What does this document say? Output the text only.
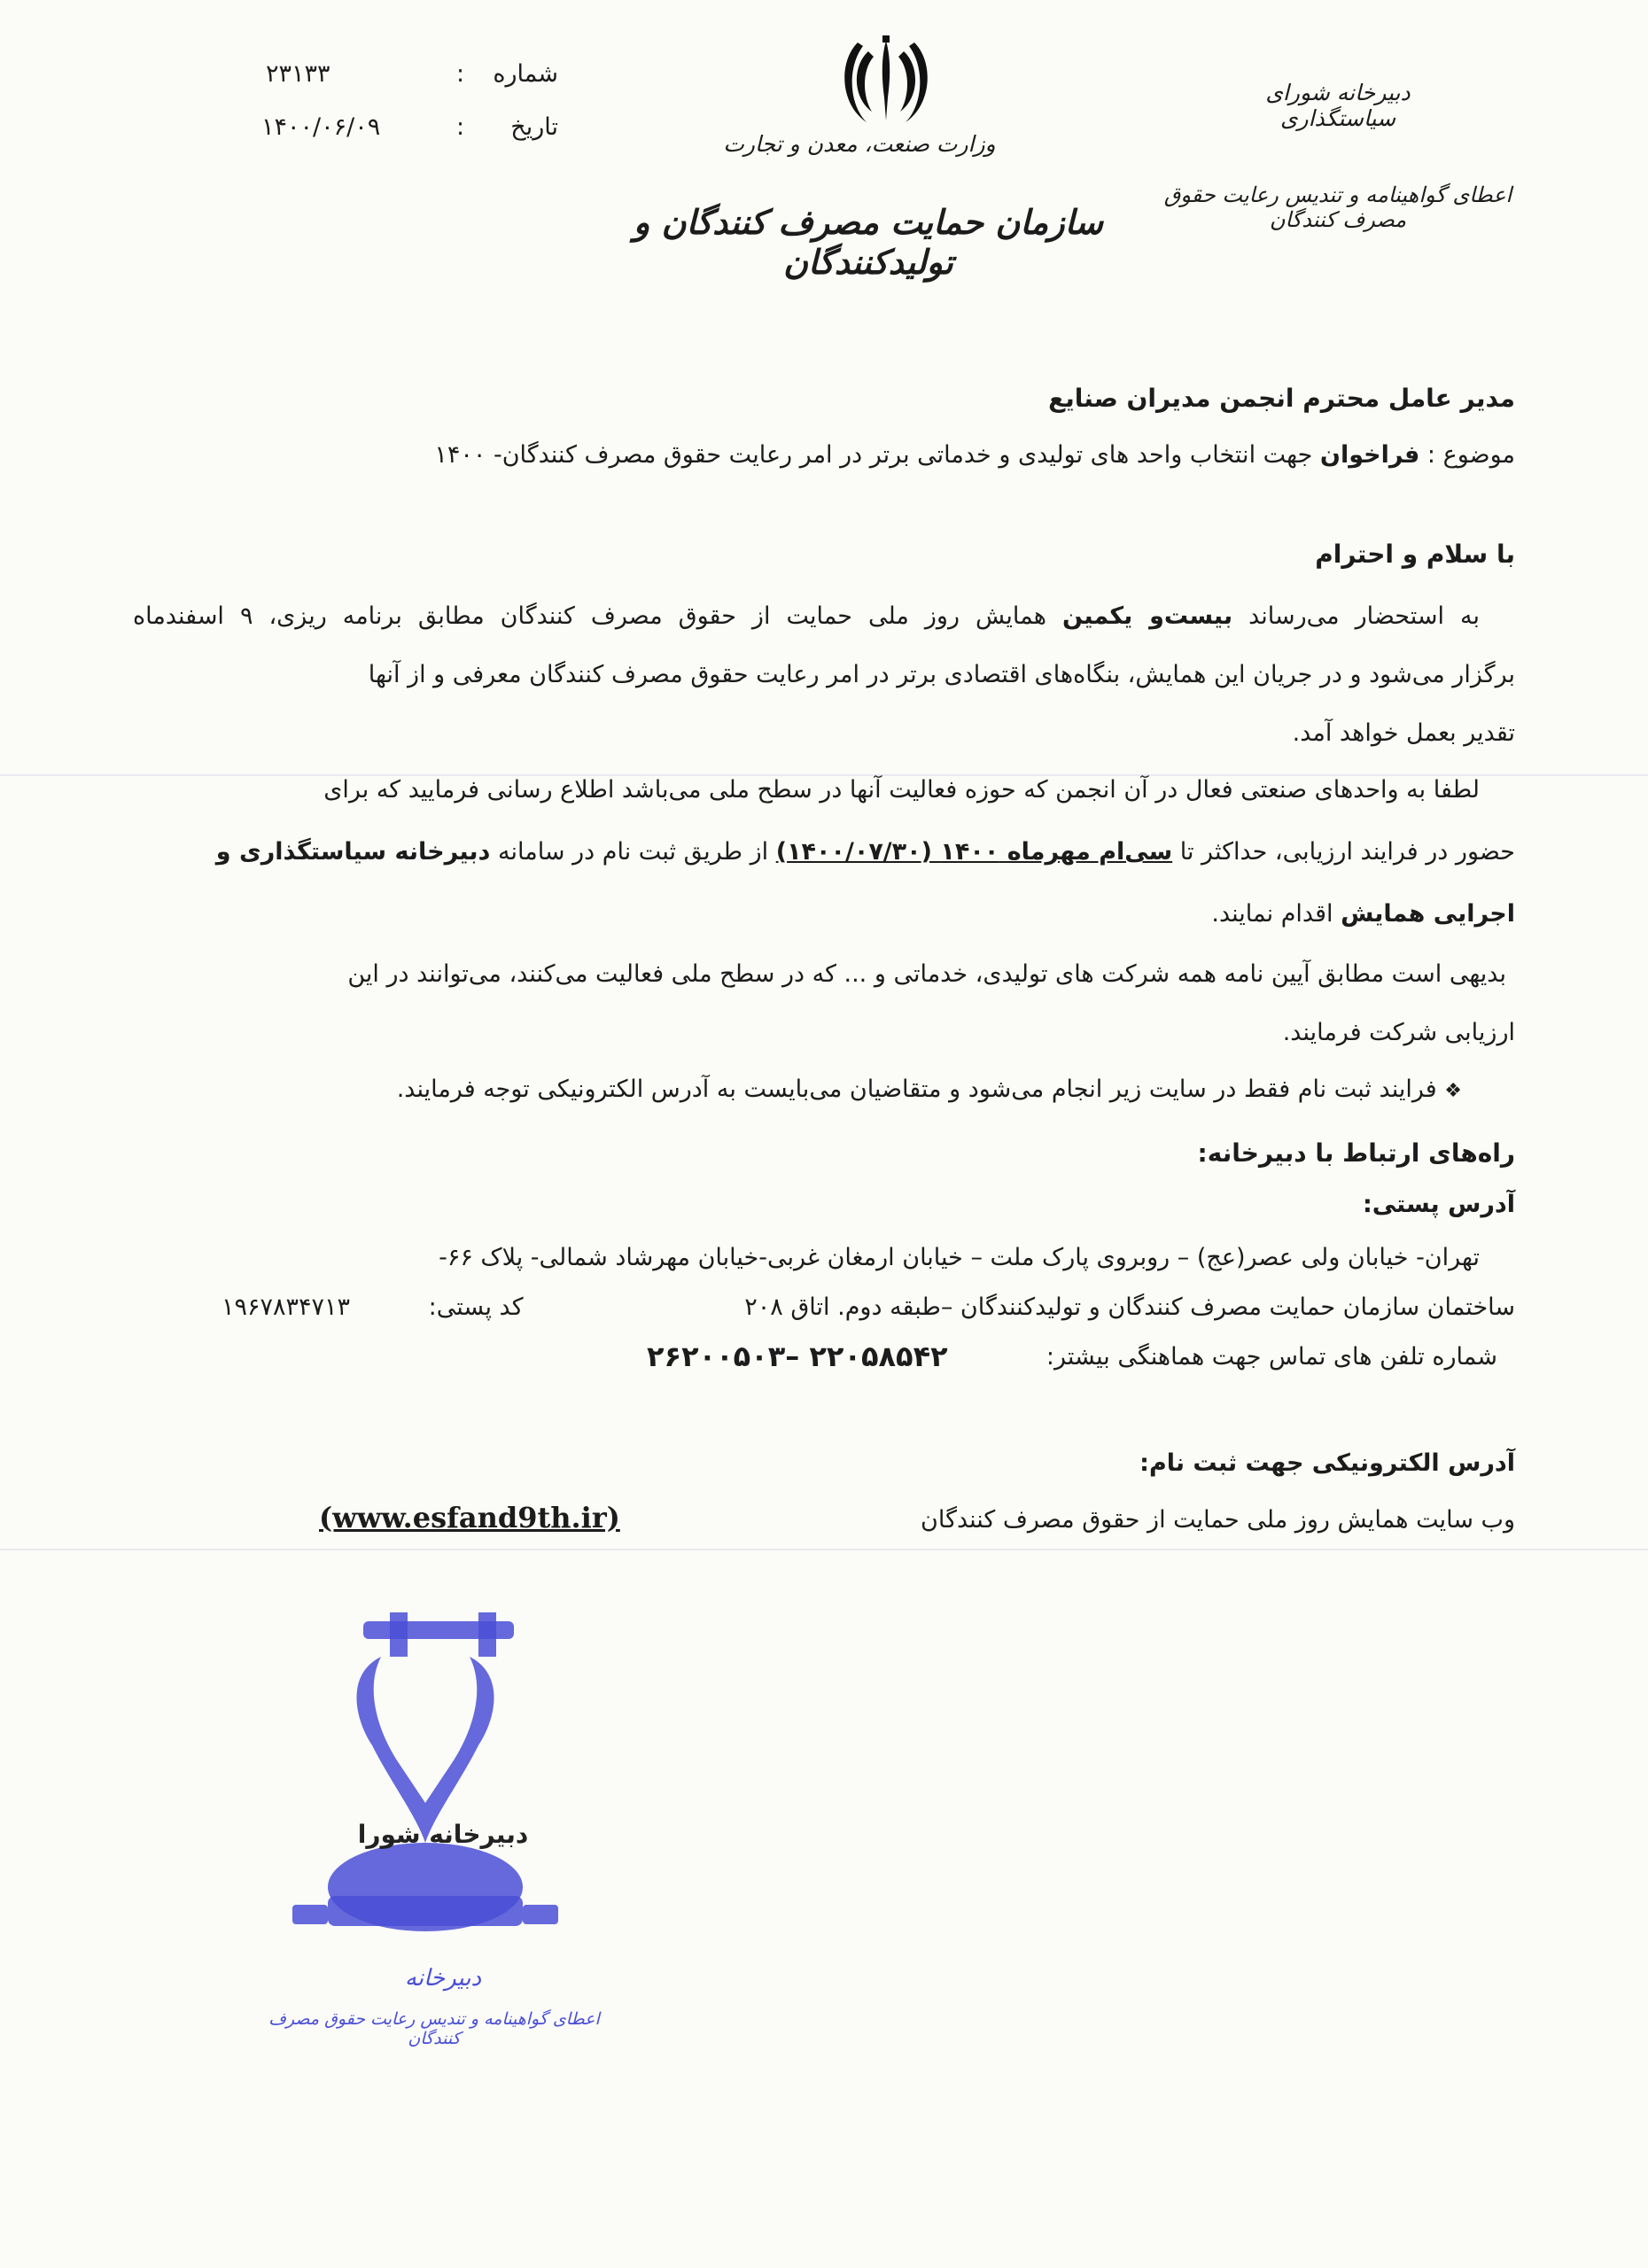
وزارت صنعت، معدن و تجارت
سازمان حمایت مصرف کنندگان و تولیدکنندگان
دبیرخانه شورای سیاستگذاری
اعطای گواهینامه و تندیس رعایت حقوق مصرف کنندگان
شماره
:
۲۳۱۳۳
تاریخ
:
۱۴۰۰/۰۶/۰۹
مدیر عامل محترم انجمن مدیران صنایع
موضوع : فراخوان جهت انتخاب واحد های تولیدی و خدماتی برتر در امر رعایت حقوق مصرف کنندگان- ۱۴۰۰
با سلام و احترام
به استحضار می‌رساند بیست‌و یکمین همایش روز ملی حمایت از حقوق مصرف کنندگان مطابق برنامه ریزی، ۹ اسفندماه
برگزار می‌شود و در جریان این همایش، بنگاه‌های اقتصادی برتر در امر رعایت حقوق مصرف کنندگان معرفی و از آنها
تقدیر بعمل خواهد آمد.
لطفا به واحدهای صنعتی فعال در آن انجمن که حوزه فعالیت آنها در سطح ملی می‌باشد اطلاع رسانی فرمایید که برای
حضور در فرایند ارزیابی، حداکثر تا سی‌ام مهرماه ۱۴۰۰ (۱۴۰۰/۰۷/۳۰) از طریق ثبت نام در سامانه دبیرخانه سیاستگذاری و
اجرایی همایش اقدام نمایند.
بدیهی است مطابق آیین نامه همه شرکت های تولیدی، خدماتی و ... که در سطح ملی فعالیت می‌کنند، می‌توانند در این
ارزیابی شرکت فرمایند.
❖ فرایند ثبت نام فقط در سایت زیر انجام می‌شود و متقاضیان می‌بایست به آدرس الکترونیکی توجه فرمایند.
راه‌های ارتباط با دبیرخانه:
آدرس پستی:
تهران- خیابان ولی عصر(عج) – روبروی پارک ملت – خیابان ارمغان غربی-خیابان مهرشاد شمالی- پلاک ۶۶-
ساختمان سازمان حمایت مصرف کنندگان و تولیدکنندگان –طبقه دوم. اتاق ۲۰۸
کد پستی: ۱۹۶۷۸۳۴۷۱۳
شماره تلفن های تماس جهت هماهنگی بیشتر:
۲۲۰۵۸۵۴۲ –۲۶۲۰۰۵۰۳
آدرس الکترونیکی جهت ثبت نام:
وب سایت همایش روز ملی حمایت از حقوق مصرف کنندگان
(www.esfand9th.ir)
دبیرخانه شورا
دبیرخانه
اعطای گواهینامه و تندیس رعایت حقوق مصرف کنندگان
